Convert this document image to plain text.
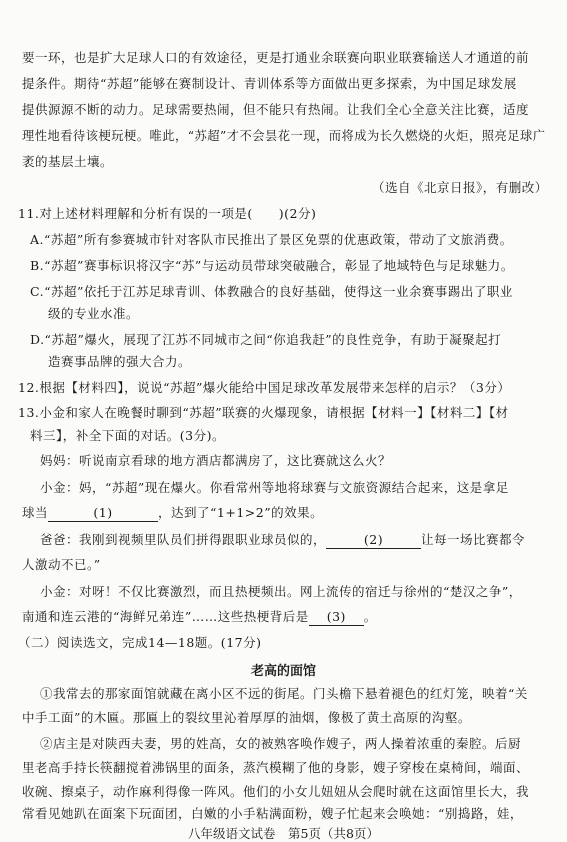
要一环，也是扩大足球人口的有效途径，更是打通业余联赛向职业联赛输送人才通道的前
提条件。期待“苏超”能够在赛制设计、青训体系等方面做出更多探索，为中国足球发展
提供源源不断的动力。足球需要热闹，但不能只有热闹。让我们全心全意关注比赛，适度
理性地看待该梗玩梗。唯此，“苏超”才不会昙花一现，而将成为长久燃烧的火炬，照亮足球广
袤的基层土壤。
（选自《北京日报》，有删改）
11.对上述材料理解和分析有误的一项是(　　)(2分)
A.“苏超”所有参赛城市针对客队市民推出了景区免票的优惠政策，带动了文旅消费。
B.“苏超”赛事标识将汉字“苏”与运动员带球突破融合，彰显了地域特色与足球魅力。
C.“苏超”依托于江苏足球青训、体教融合的良好基础，使得这一业余赛事踢出了职业
级的专业水准。
D.“苏超”爆火，展现了江苏不同城市之间“你追我赶”的良性竞争，有助于凝聚起打
造赛事品牌的强大合力。
12.根据【材料四】，说说“苏超”爆火能给中国足球改革发展带来怎样的启示？（3分）
13.小金和家人在晚餐时聊到“苏超”联赛的火爆现象，请根据【材料一】【材料二】【材
料三】，补全下面的对话。(3分)。
妈妈：听说南京看球的地方酒店都满房了，这比赛就这么火？
小金：妈，“苏超”现在爆火。你看常州等地将球赛与文旅资源结合起来，这是拿足
球当	(1)	，达到了“1+1>2”的效果。
爸爸：我刚到视频里队员们拼得跟职业球员似的，	(2)	让每一场比赛都令
人激动不已。”
小金：对呀！不仅比赛激烈，而且热梗频出。网上流传的宿迁与徐州的“楚汉之争”，
南通和连云港的“海鲜兄弟连”……这些热梗背后是 (3) 。
（二）阅读选文，完成14—18题。(17分)
老高的面馆
①我常去的那家面馆就藏在离小区不远的街尾。门头檐下悬着褪色的红灯笼，映着“关
中手工面”的木匾。那匾上的裂纹里沁着厚厚的油烟，像极了黄土高原的沟壑。
②店主是对陕西夫妻，男的姓高，女的被熟客唤作嫂子，两人操着浓重的秦腔。后厨
里老高手持长筷翻搅着沸锅里的面条，蒸汽模糊了他的身影，嫂子穿梭在桌椅间，端面、
收碗、擦桌子，动作麻利得像一阵风。他们的小女儿妞妞从会爬时就在这面馆里长大，我
常看见她趴在面案下玩面团，白嫩的小手粘满面粉，嫂子忙起来会唤她：“别捣路，娃，
八年级语文试卷　第5页（共8页）
